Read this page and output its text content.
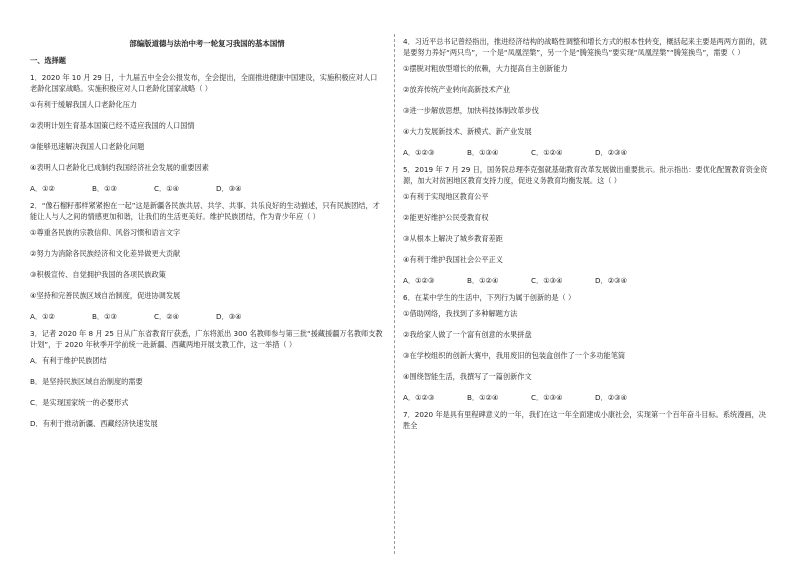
部编版道德与法治中考一轮复习我国的基本国情
一、选择题
1．2020 年 10 月 29 日，十九届五中全会公报发布，全会提出，全面推进健康中国建设，实施积极应对人口老龄化国家战略。实施积极应对人口老龄化国家战略（ ）
①有利于缓解我国人口老龄化压力
②表明计划生育基本国策已经不适应我国的人口国情
③能够迅速解决我国人口老龄化问题
④表明人口老龄化已成制约我国经济社会发展的重要因素
A．①②	B．①③	C．①④	D．③④
2．“像石榴籽那样紧紧抱在一起”这是新疆各民族共居、共学、共事、共乐良好的生动描述，只有民族团结，才能让人与人之间的情感更加和谐，让我们的生活更美好。维护民族团结，作为青少年应（ ）
①尊重各民族的宗教信仰、风俗习惯和语言文字
②努力为消除各民族经济和文化差异做更大贡献
③积极宣传、自觉拥护我国的各项民族政策
④坚持和完善民族区域自治制度，促进协调发展
A．①②	B．①③	C．②④	D．③④
3．记者 2020 年 8 月 25 日从广东省教育厅获悉，广东将派出 300 名教师参与第三批“援藏援疆万名教师支教计划”，于 2020 年秋季开学前统一赴新疆、西藏两地开展支教工作，这一举措（ ）
A．有利于维护民族团结
B．是坚持民族区域自治制度的需要
C．是实现国家统一的必要形式
D．有利于推动新疆、西藏经济快速发展
4．习近平总书记曾经指出，推进经济结构的战略性调整和增长方式的根本性转变，概括起来主要是两两方面的，就是要努力养好“两只鸟”，一个是“凤凰涅槃”，另一个是“腾笼换鸟”要实现“凤凰涅槃”“腾笼换鸟”，需要（ ）
①摆脱对粗放型增长的依赖，大力提高自主创新能力
②放弃传统产业转向高新技术产业
③进一步解放思想，加快科技体制改革步伐
④大力发展新技术、新模式、新产业发展
A．①②③	B．①③④	C．①②④	D．②③④
5．2019 年 7 月 29 日，国务院总理李克强就基础教育改革发展做出重要批示。批示指出：要优化配置教育资金资源，加大对贫困地区教育支持力度，促进义务教育均衡发展。这（ ）
①有利于实现地区教育公平
②能更好维护公民受教育权
③从根本上解决了城乡教育差距
④有利于维护我国社会公平正义
A．①②③	B．①②④	C．①③④	D．②③④
6．在某中学生的生活中，下列行为属于创新的是（ ）
①借助网络，我找到了多种解题方法
②我给家人做了一个富有创意的水果拼盘
③在学校组织的创新大赛中，我用废旧的包装盒创作了一个多功能笔筒
④围绕智能生活，我撰写了一篇创新作文
A．①②③	B．①②④	C．①③④	D．②③④
7．2020 年是具有里程碑意义的一年，我们在这一年全面建成小康社会，实现第一个百年奋斗目标。系统漫画，决胜全
